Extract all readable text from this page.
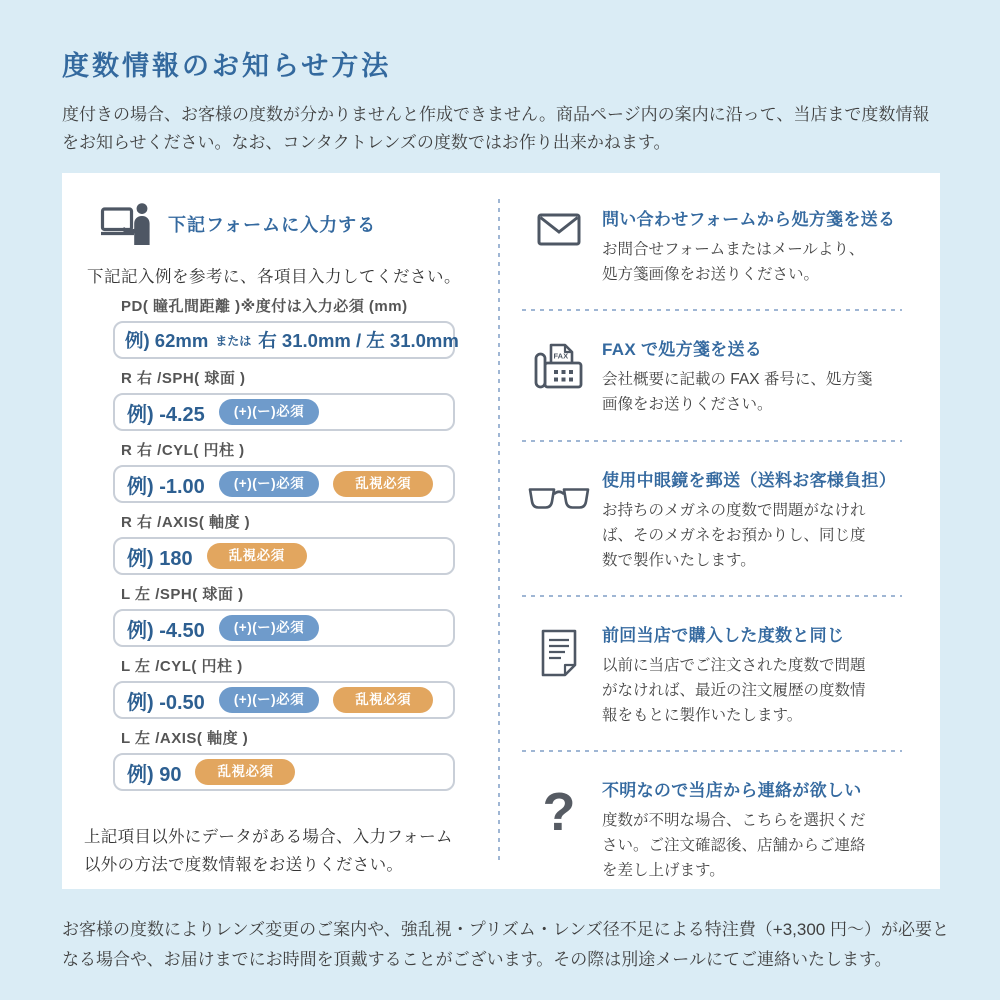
度数情報のお知らせ方法

度付きの場合、お客様の度数が分かりませんと作成できません。商品ページ内の案内に沿って、当店まで度数情報をお知らせください。なお、コンタクトレンズの度数ではお作り出来かねます。

下記フォームに入力する

下記記入例を参考に、各項目入力してください。

PD( 瞳孔間距離 )※度付は入力必須 (mm)
例) 62mm または 右 31.0mm / 左 31.0mm
R 右 /SPH( 球面 )
例) -4.25	(+)(ー)必須
R 右 /CYL( 円柱 )
例) -1.00	(+)(ー)必須	乱視必須
R 右 /AXIS( 軸度 )
例) 180	乱視必須
L 左 /SPH( 球面 )
例) -4.50	(+)(ー)必須
L 左 /CYL( 円柱 )
例) -0.50	(+)(ー)必須	乱視必須
L 左 /AXIS( 軸度 )
例) 90	乱視必須

上記項目以外にデータがある場合、入力フォーム以外の方法で度数情報をお送りください。

問い合わせフォームから処方箋を送る

お問合せフォームまたはメールより、処方箋画像をお送りください。

FAX FAX で処方箋を送る

会社概要に記載の FAX 番号に、処方箋画像をお送りください。

使用中眼鏡を郵送（送料お客様負担）

お持ちのメガネの度数で問題がなければ、そのメガネをお預かりし、同じ度数で製作いたします。

前回当店で購入した度数と同じ

以前に当店でご注文された度数で問題がなければ、最近の注文履歴の度数情報をもとに製作いたします。

? 不明なので当店から連絡が欲しい

度数が不明な場合、こちらを選択ください。ご注文確認後、店舗からご連絡を差し上げます。

お客様の度数によりレンズ変更のご案内や、強乱視・プリズム・レンズ径不足による特注費（+3,300 円～）が必要となる場合や、お届けまでにお時間を頂戴することがございます。その際は別途メールにてご連絡いたします。
